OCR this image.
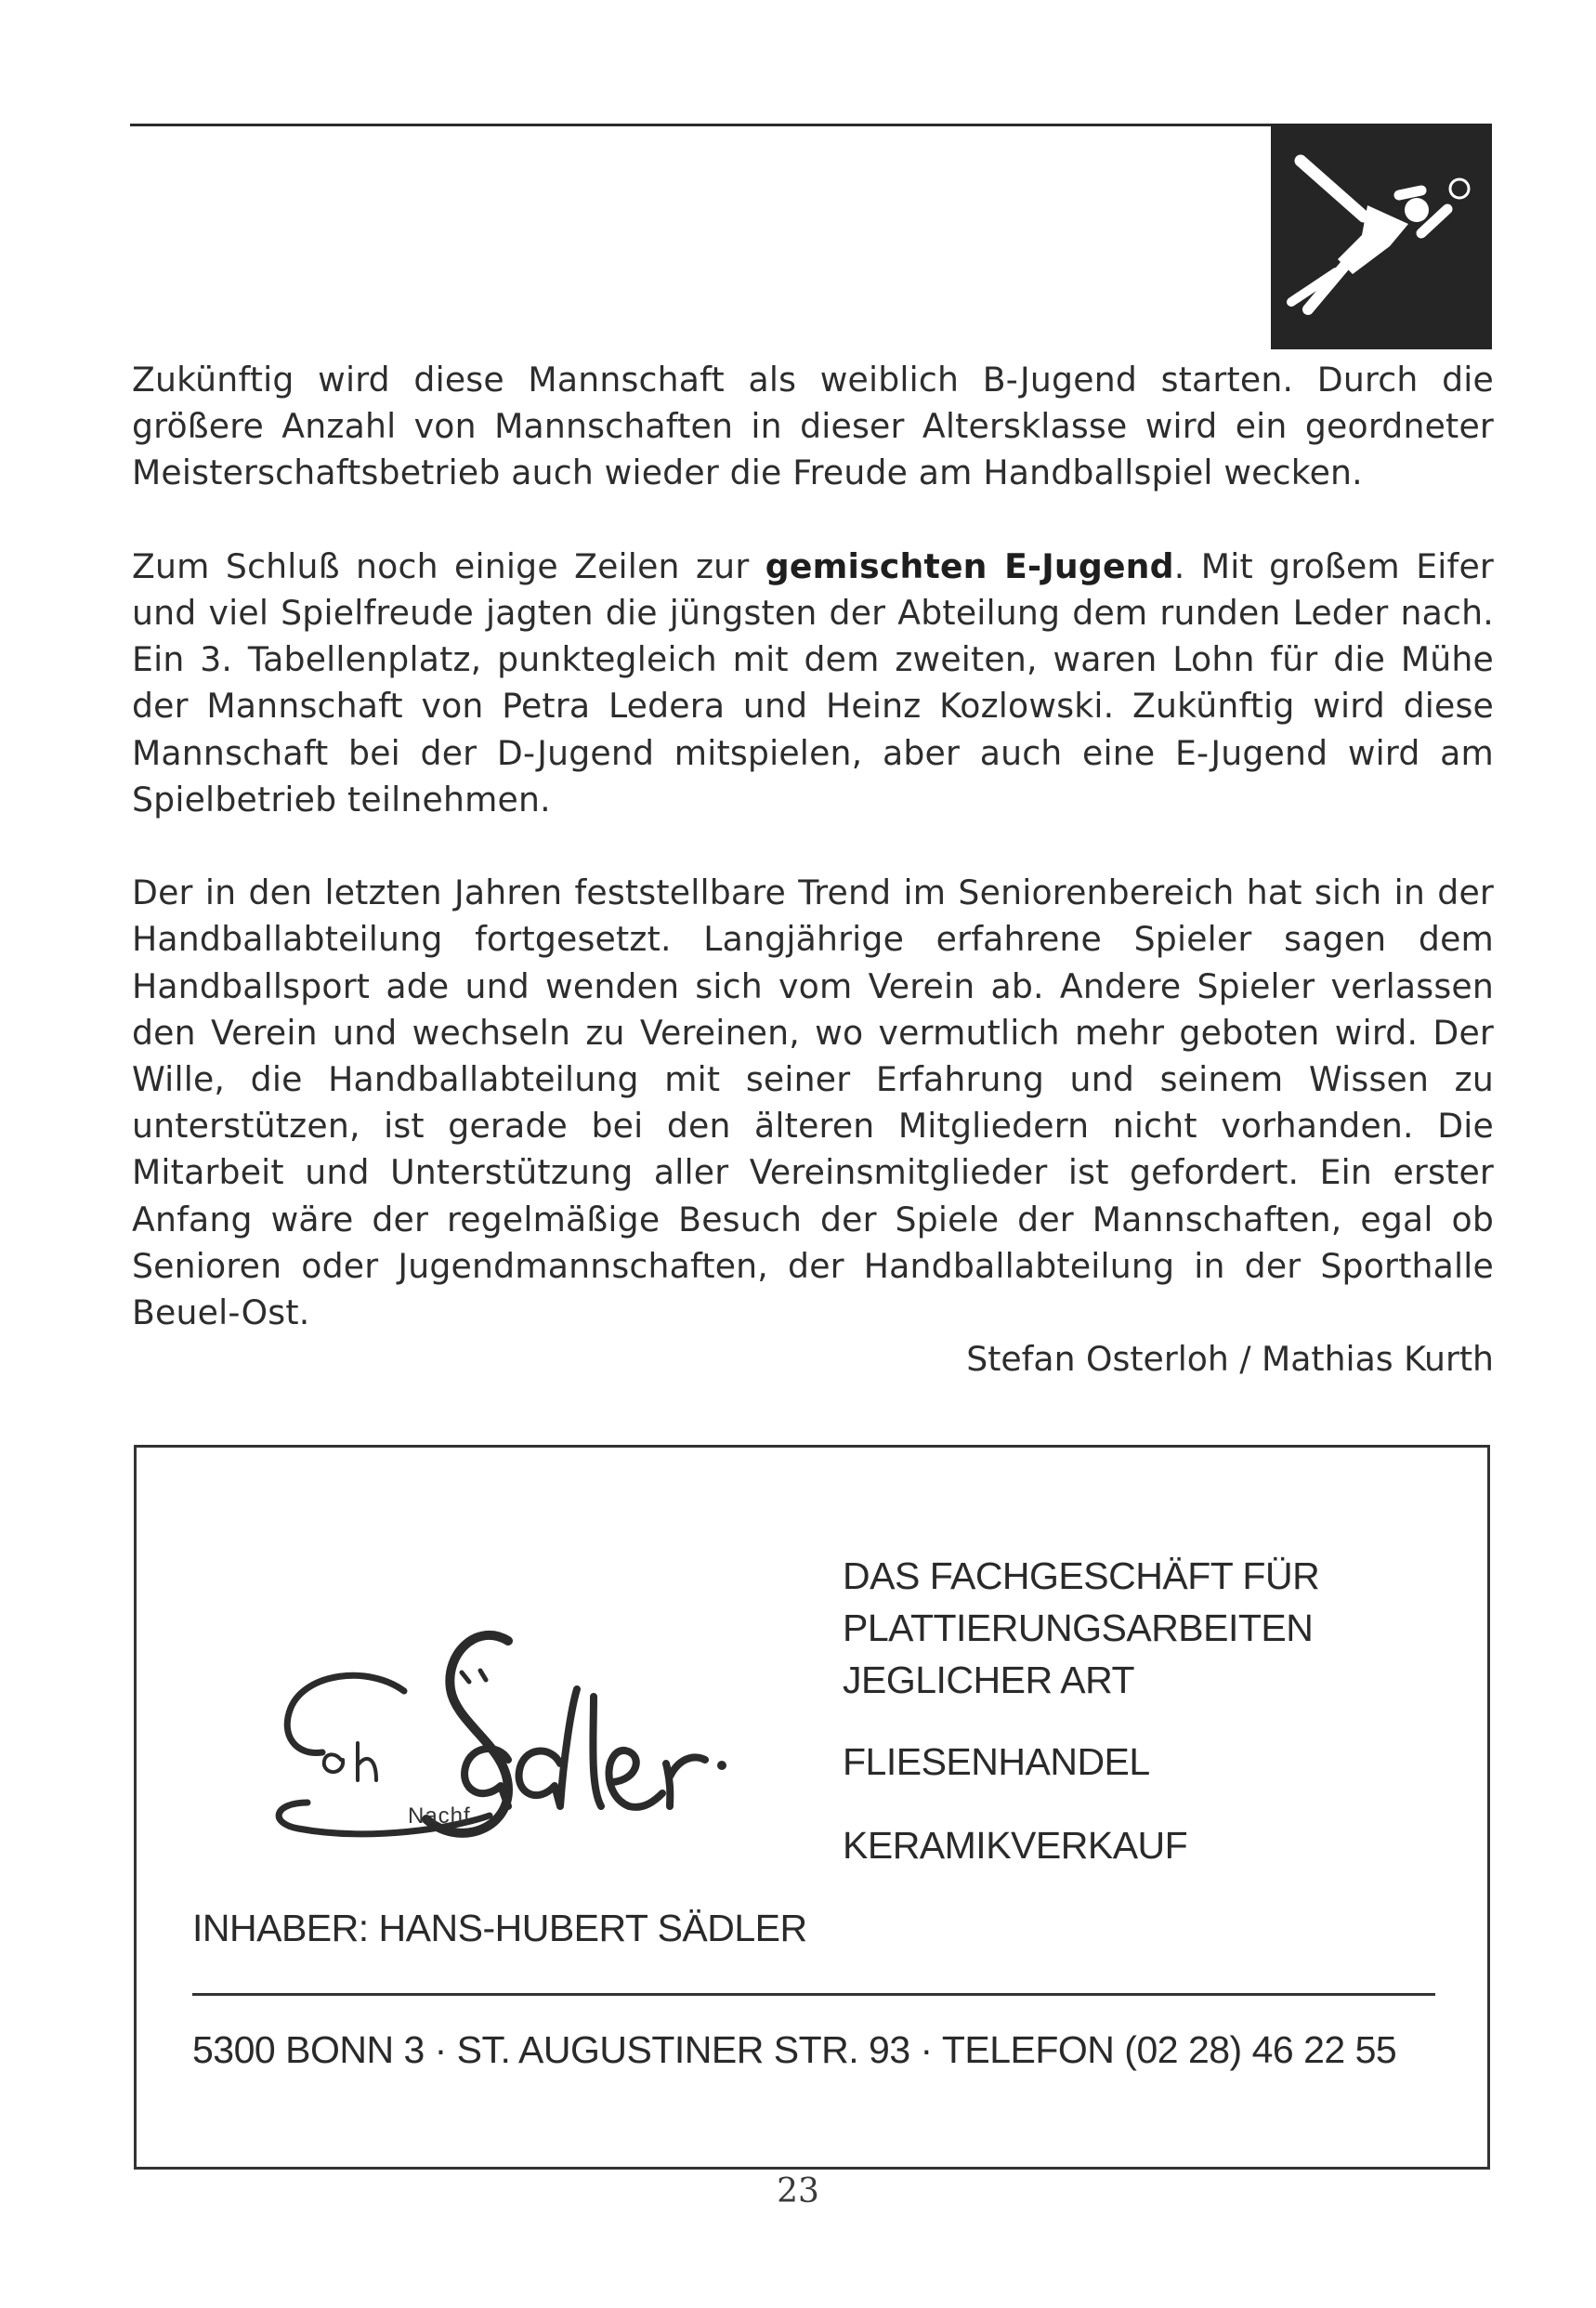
Zukünftig wird diese Mannschaft als weiblich B-Jugend starten. Durch die größere Anzahl von Mannschaften in dieser Altersklasse wird ein geordneter Meisterschaftsbetrieb auch wieder die Freude am Handballspiel wecken.

Zum Schluß noch einige Zeilen zur gemischten E-Jugend. Mit großem Eifer und viel Spielfreude jagten die jüngsten der Abteilung dem runden Leder nach. Ein 3. Tabellenplatz, punktegleich mit dem zweiten, waren Lohn für die Mühe der Mannschaft von Petra Ledera und Heinz Kozlowski. Zukünftig wird diese Mannschaft bei der D-Jugend mitspielen, aber auch eine E-Jugend wird am Spielbetrieb teilnehmen.

Der in den letzten Jahren feststellbare Trend im Seniorenbereich hat sich in der Handballabteilung fortgesetzt. Langjährige erfahrene Spieler sagen dem Handballsport ade und wenden sich vom Verein ab. Andere Spieler verlassen den Verein und wechseln zu Vereinen, wo vermutlich mehr geboten wird. Der Wille, die Handballabteilung mit seiner Erfahrung und seinem Wissen zu unterstützen, ist gerade bei den älteren Mitgliedern nicht vorhanden. Die Mitarbeit und Unterstützung aller Vereinsmitglieder ist gefordert. Ein erster Anfang wäre der regelmäßige Besuch der Spiele der Mannschaften, egal ob Senioren oder Jugendmannschaften, der Handballabteilung in der Sporthalle Beuel-Ost.

Stefan Osterloh / Mathias Kurth
Nachf.
DAS FACHGESCHÄFT FÜR
PLATTIERUNGSARBEITEN
JEGLICHER ART
FLIESENHANDEL
KERAMIKVERKAUF
INHABER: HANS-HUBERT SÄDLER
5300 BONN 3 · ST. AUGUSTINER STR. 93 · TELEFON (02 28) 46 22 55
23
